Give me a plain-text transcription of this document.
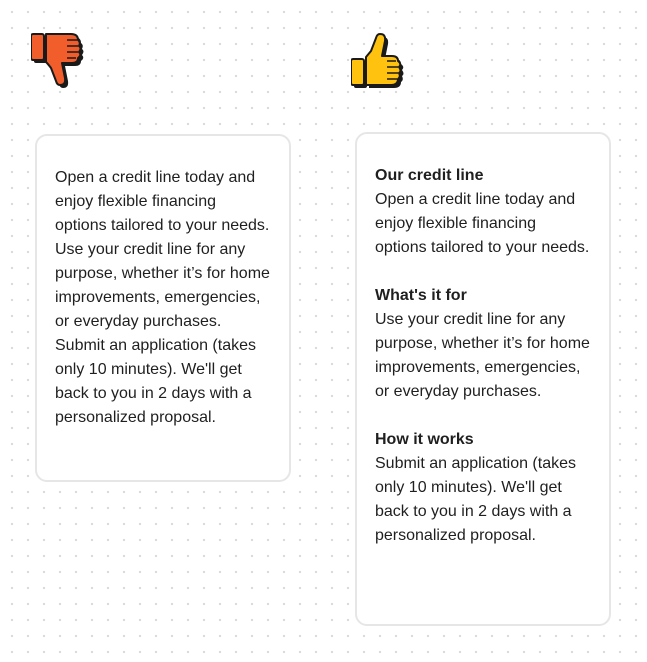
Open a credit line today and enjoy flexible financing options tailored to your needs. Use your credit line for any purpose, whether it’s for home improvements, emergencies, or everyday purchases. Submit an application (takes only 10 minutes). We'll get back to you in 2 days with a personalized proposal.

Our credit line

Open a credit line today and enjoy flexible financing options tailored to your needs.

What's it for

Use your credit line for any purpose, whether it’s for home improvements, emergencies, or everyday purchases.

How it works

Submit an application (takes only 10 minutes). We'll get back to you in 2 days with a personalized proposal.
